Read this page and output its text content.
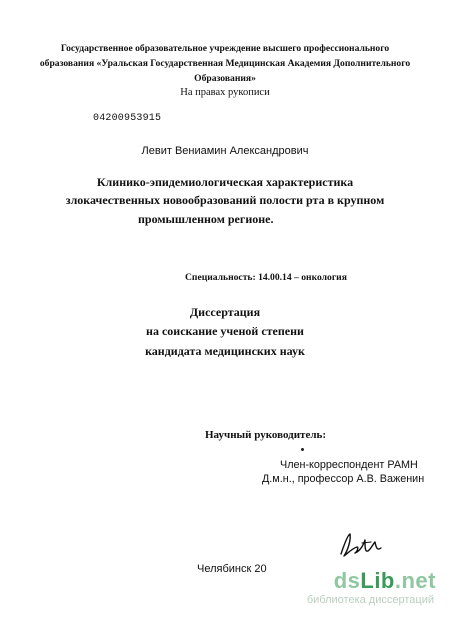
Государственное образовательное учреждение высшего профессионального
образования «Уральская Государственная Медицинская Академия Дополнительного
Образования»
На правах рукописи
04200953915
Левит Вениамин Александрович
Клинико-эпидемиологическая характеристика
злокачественных новообразований полости рта в крупном
промышленном регионе.
Специальность: 14.00.14 – онкология
Диссертация
на соискание ученой степени
кандидата медицинских наук
Научный руководитель:
Член-корреспондент РАМН
Д.м.н., профессор А.В. Важенин
Челябинск 20	dsLib.net
библиотека диссертаций
